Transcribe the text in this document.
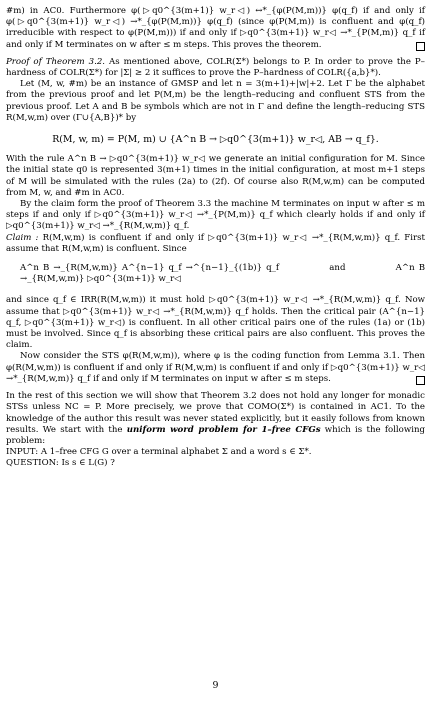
#m) in AC0. Furthermore φ(▷q0^{3(m+1)} w_r◁) ↔*_{φ(P(M,m))} φ(q_f) if and only if φ(▷q0^{3(m+1)} w_r◁) →*_{φ(P(M,m))} φ(q_f) (since φ(P(M,m)) is confluent and φ(q_f) irreducible with respect to φ(P(M,m))) if and only if ▷q0^{3(m+1)} w_r◁ →*_{P(M,m)} q_f if and only if M terminates on w after ≤ m steps. This proves the theorem.

Proof of Theorem 3.2. As mentioned above, COLR(Σ*) belongs to P. In order to prove the P–hardness of COLR(Σ*) for |Σ| ≥ 2 it suffices to prove the P–hardness of COLR({a,b}*).

Let (M, w, #m) be an instance of GMSP and let n = 3(m+1)+|w|+2. Let Γ be the alphabet from the previous proof and let P(M,m) be the length–reducing and confluent STS from the previous proof. Let A and B be symbols which are not in Γ and define the length–reducing STS R(M,w,m) over (Γ∪{A,B})* by

R(M, w, m) = P(M, m) ∪ {A^n B → ▷q0^{3(m+1)} w_r◁, AB → q_f}.

With the rule A^n B → ▷q0^{3(m+1)} w_r◁ we generate an initial configuration for M. Since the initial state q0 is represented 3(m+1) times in the initial configuration, at most m+1 steps of M will be simulated with the rules (2a) to (2f). Of course also R(M,w,m) can be computed from M, w, and #m in AC0.

By the claim form the proof of Theorem 3.3 the machine M terminates on input w after ≤ m steps if and only if ▷q0^{3(m+1)} w_r◁ →*_{P(M,m)} q_f which clearly holds if and only if ▷q0^{3(m+1)} w_r◁ →*_{R(M,w,m)} q_f.

Claim : R(M,w,m) is confluent if and only if ▷q0^{3(m+1)} w_r◁ →*_{R(M,w,m)} q_f. First assume that R(M,w,m) is confluent. Since

A^n B →_{R(M,w,m)} A^{n−1} q_f →^{n−1}_{(1b)} q_f	and	A^n B →_{R(M,w,m)} ▷q0^{3(m+1)} w_r◁

and since q_f ∈ IRR(R(M,w,m)) it must hold ▷q0^{3(m+1)} w_r◁ →*_{R(M,w,m)} q_f. Now assume that ▷q0^{3(m+1)} w_r◁ →*_{R(M,w,m)} q_f holds. Then the critical pair (A^{n−1} q_f, ▷q0^{3(m+1)} w_r◁) is confluent. In all other critical pairs one of the rules (1a) or (1b) must be involved. Since q_f is absorbing these critical pairs are also confluent. This proves the claim.

Now consider the STS φ(R(M,w,m)), where φ is the coding function from Lemma 3.1. Then φ(R(M,w,m)) is confluent if and only if R(M,w,m) is confluent if and only if ▷q0^{3(m+1)} w_r◁ →*_{R(M,w,m)} q_f if and only if M terminates on input w after ≤ m steps.

In the rest of this section we will show that Theorem 3.2 does not hold any longer for monadic STSs unless NC = P. More precisely, we prove that COMO(Σ*) is contained in AC1. To the knowledge of the author this result was never stated explicitly, but it easily follows from known results. We start with the uniform word problem for 1–free CFGs which is the following problem:

INPUT: A 1–free CFG G over a terminal alphabet Σ and a word s ∈ Σ*.

QUESTION: Is s ∈ L(G) ?

9
